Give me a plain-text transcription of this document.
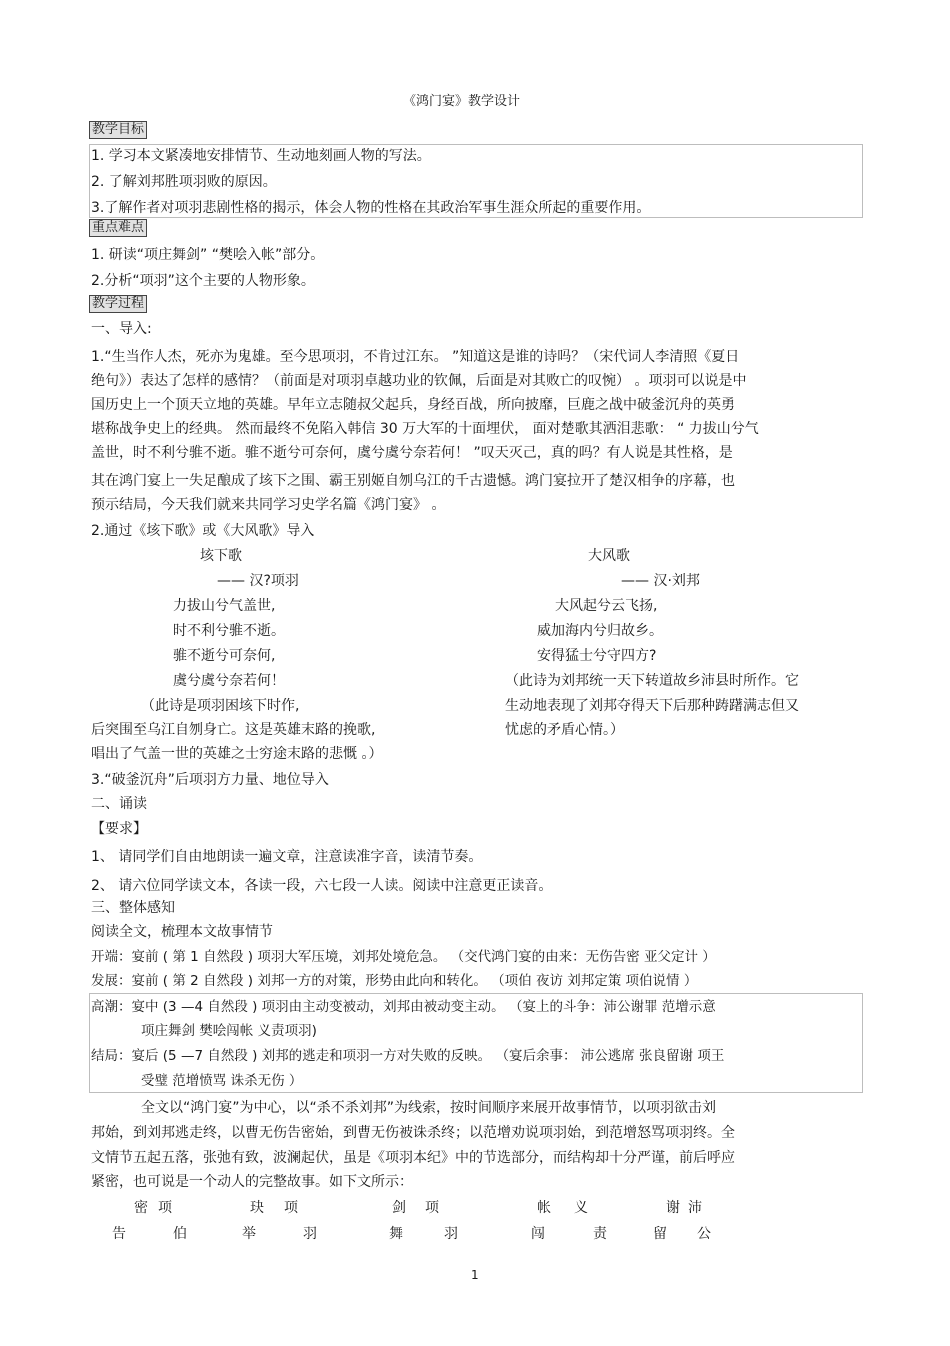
《鸿门宴》教学设计
教学目标
1. 学习本文紧凑地安排情节、生动地刻画人物的写法。
2. 了解刘邦胜项羽败的原因。
3.了解作者对项羽悲剧性格的揭示，体会人物的性格在其政治军事生涯众所起的重要作用。
重点难点
1. 研读“项庄舞剑” “樊哙入帐”部分。
2.分析“项羽”这个主要的人物形象。
教学过程
一、导入:
1.“生当作人杰，死亦为鬼雄。至今思项羽，不肯过江东。 ”知道这是谁的诗吗？（宋代词人李清照《夏日
绝句》）表达了怎样的感情？（前面是对项羽卓越功业的钦佩，后面是对其败亡的叹惋） 。项羽可以说是中
国历史上一个顶天立地的英雄。早年立志随叔父起兵，身经百战，所向披靡，巨鹿之战中破釜沉舟的英勇
堪称战争史上的经典。 然而最终不免陷入韩信 30 万大军的十面埋伏， 面对楚歌其洒泪悲歌： “ 力拔山兮气
盖世，时不利兮骓不逝。骓不逝兮可奈何，虞兮虞兮奈若何！ ”叹天灭己，真的吗？有人说是其性格，是
其在鸿门宴上一失足酿成了垓下之围、霸王别姬自刎乌江的千古遗憾。鸿门宴拉开了楚汉相争的序幕，也
预示结局，今天我们就来共同学习史学名篇《鸿门宴》 。
2.通过《垓下歌》或《大风歌》导入
垓下歌
—— 汉?项羽
力拔山兮气盖世,
时不利兮骓不逝。
骓不逝兮可奈何,
虞兮虞兮奈若何！
（此诗是项羽困垓下时作,
后突围至乌江自刎身亡。这是英雄末路的挽歌,
唱出了气盖一世的英雄之士穷途末路的悲慨 。）
大风歌
—— 汉·刘邦
大风起兮云飞扬,
威加海内兮归故乡。
安得猛士兮守四方?
（此诗为刘邦统一天下转道故乡沛县时所作。它
生动地表现了刘邦夺得天下后那种踌躇满志但又
忧虑的矛盾心情。）
3.“破釜沉舟”后项羽方力量、地位导入
二、诵读
【要求】
1、 请同学们自由地朗读一遍文章，注意读准字音，读清节奏。
2、 请六位同学读文本，各读一段，六七段一人读。阅读中注意更正读音。
三、整体感知
阅读全文，梳理本文故事情节
开端：宴前 ( 第 1 自然段 ) 项羽大军压境，刘邦处境危急。 （交代鸿门宴的由来：无伤告密 亚父定计 ）
发展：宴前 ( 第 2 自然段 ) 刘邦一方的对策，形势由此向和转化。 （项伯 夜访 刘邦定策 项伯说情 ）
高潮：宴中 (3 —4 自然段 ) 项羽由主动变被动，刘邦由被动变主动。 （宴上的斗争：沛公谢罪 范增示意
项庄舞剑 樊哙闯帐 义责项羽)
结局：宴后 (5 —7 自然段 ) 刘邦的逃走和项羽一方对失败的反映。 （宴后余事： 沛公逃席 张良留谢 项王
受璧 范增愤骂 诛杀无伤 ）
全文以“鸿门宴”为中心，以“杀不杀刘邦”为线索，按时间顺序来展开故事情节，以项羽欲击刘
邦始，到刘邦逃走终，以曹无伤告密始，到曹无伤被诛杀终；以范增劝说项羽始，到范增怒骂项羽终。全
文情节五起五落，张弛有致，波澜起伏，虽是《项羽本纪》中的节选部分，而结构却十分严谨，前后呼应
紧密，也可说是一个动人的完整故事。如下文所示：
密 项	玦 项	剑 项	帐 义	谢 沛
告	伯	举	羽	舞	羽	闯	责	留 公
1
